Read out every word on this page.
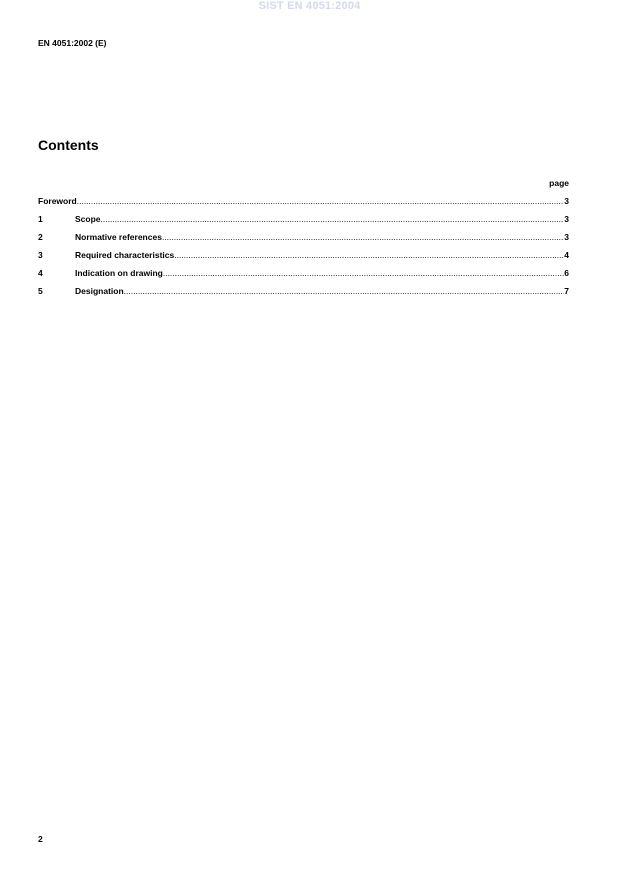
SIST EN 4051:2004
EN 4051:2002 (E)
Contents
page
Foreword .....	3
1	Scope .....	3
2	Normative references .....	3
3	Required characteristics .....	4
4	Indication on drawing .....	6
5	Designation .....	7
2
